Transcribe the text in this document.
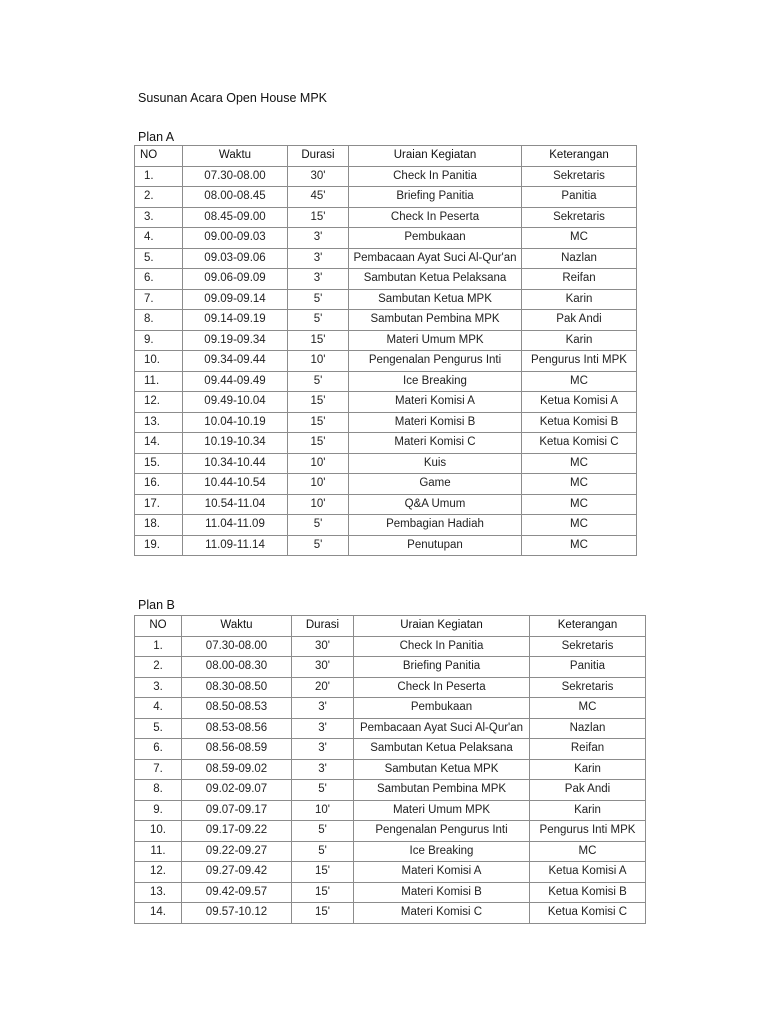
Susunan Acara Open House MPK
Plan A
NO	Waktu	Durasi	Uraian Kegiatan	Keterangan
1.	07.30-08.00	30'	Check In Panitia	Sekretaris
2.	08.00-08.45	45'	Briefing Panitia	Panitia
3.	08.45-09.00	15'	Check In Peserta	Sekretaris
4.	09.00-09.03	3'	Pembukaan	MC
5.	09.03-09.06	3'	Pembacaan Ayat Suci Al-Qur'an	Nazlan
6.	09.06-09.09	3'	Sambutan Ketua Pelaksana	Reifan
7.	09.09-09.14	5'	Sambutan Ketua MPK	Karin
8.	09.14-09.19	5'	Sambutan Pembina MPK	Pak Andi
9.	09.19-09.34	15'	Materi Umum MPK	Karin
10.	09.34-09.44	10'	Pengenalan Pengurus Inti	Pengurus Inti MPK
11.	09.44-09.49	5'	Ice Breaking	MC
12.	09.49-10.04	15'	Materi Komisi A	Ketua Komisi A
13.	10.04-10.19	15'	Materi Komisi B	Ketua Komisi B
14.	10.19-10.34	15'	Materi Komisi C	Ketua Komisi C
15.	10.34-10.44	10'	Kuis	MC
16.	10.44-10.54	10'	Game	MC
17.	10.54-11.04	10'	Q&A Umum	MC
18.	11.04-11.09	5'	Pembagian Hadiah	MC
19.	11.09-11.14	5'	Penutupan	MC
Plan B
NO	Waktu	Durasi	Uraian Kegiatan	Keterangan
1.	07.30-08.00	30'	Check In Panitia	Sekretaris
2.	08.00-08.30	30'	Briefing Panitia	Panitia
3.	08.30-08.50	20'	Check In Peserta	Sekretaris
4.	08.50-08.53	3'	Pembukaan	MC
5.	08.53-08.56	3'	Pembacaan Ayat Suci Al-Qur'an	Nazlan
6.	08.56-08.59	3'	Sambutan Ketua Pelaksana	Reifan
7.	08.59-09.02	3'	Sambutan Ketua MPK	Karin
8.	09.02-09.07	5'	Sambutan Pembina MPK	Pak Andi
9.	09.07-09.17	10'	Materi Umum MPK	Karin
10.	09.17-09.22	5'	Pengenalan Pengurus Inti	Pengurus Inti MPK
11.	09.22-09.27	5'	Ice Breaking	MC
12.	09.27-09.42	15'	Materi Komisi A	Ketua Komisi A
13.	09.42-09.57	15'	Materi Komisi B	Ketua Komisi B
14.	09.57-10.12	15'	Materi Komisi C	Ketua Komisi C
